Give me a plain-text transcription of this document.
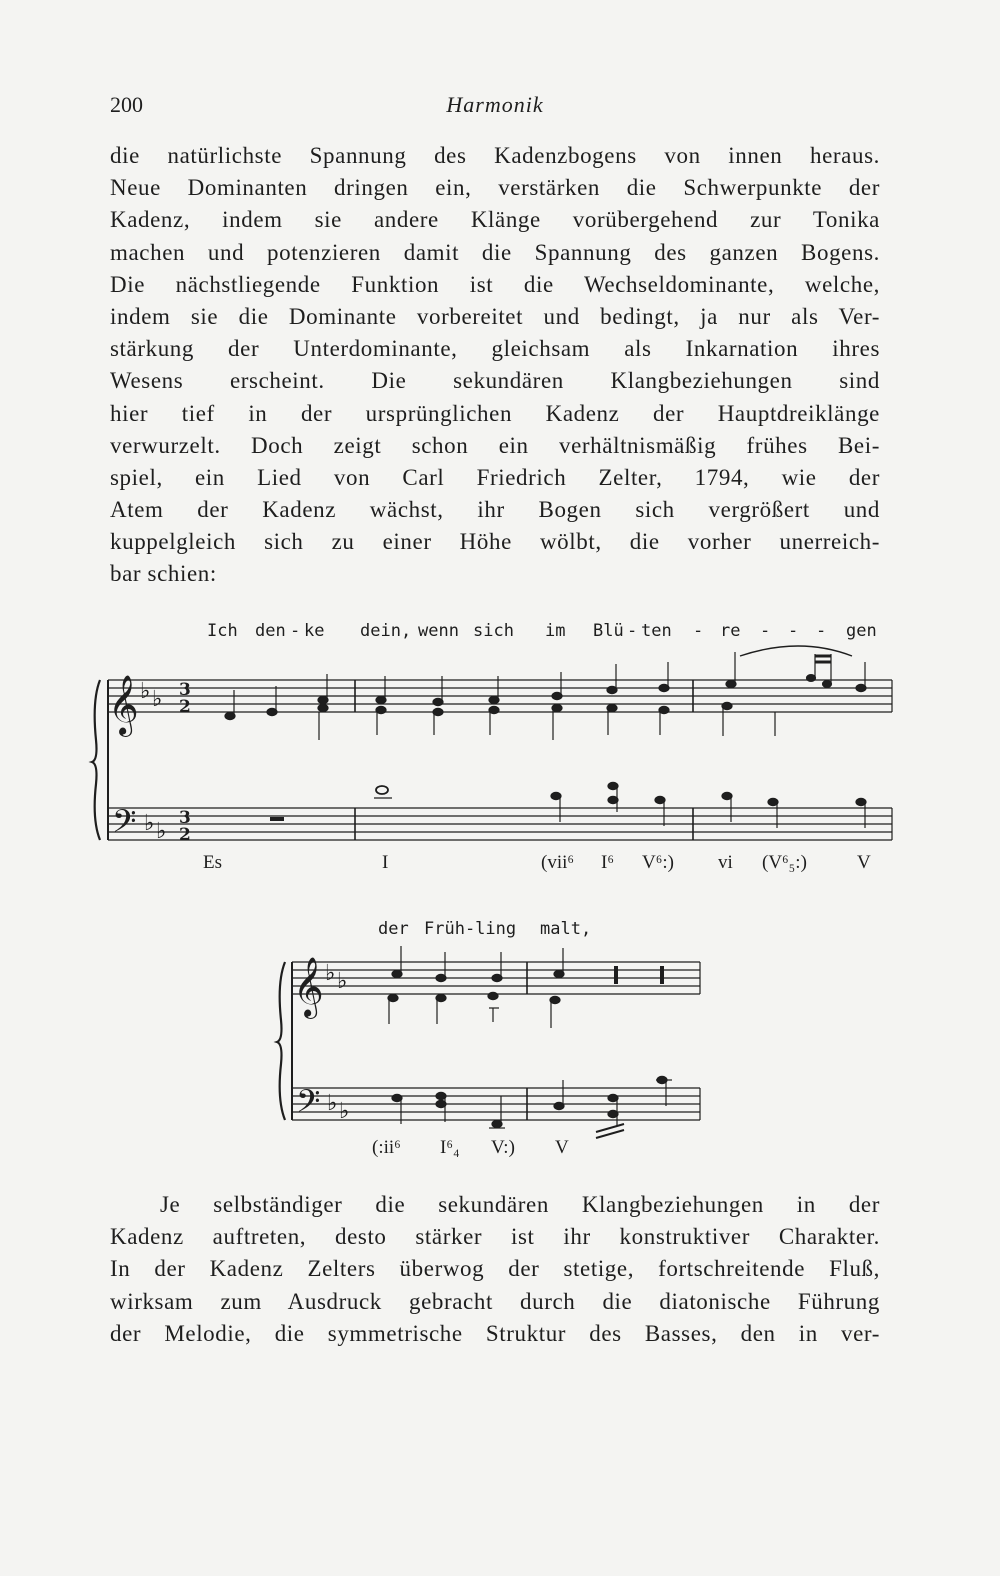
200	Harmonik
die natürlichste Spannung des Kadenzbogens von innen heraus.
Neue Dominanten dringen ein, verstärken die Schwerpunkte der
Kadenz, indem sie andere Klänge vorübergehend zur Tonika
machen und potenzieren damit die Spannung des ganzen Bogens.
Die nächstliegende Funktion ist die Wechseldominante, welche,
indem sie die Dominante vorbereitet und bedingt, ja nur als Ver-
stärkung der Unterdominante, gleichsam als Inkarnation ihres
Wesens erscheint. Die sekundären Klangbeziehungen sind
hier tief in der ursprünglichen Kadenz der Hauptdreiklänge
verwurzelt. Doch zeigt schon ein verhältnismäßig frühes Bei-
spiel, ein Lied von Carl Friedrich Zelter, 1794, wie der
Atem der Kadenz wächst, ihr Bogen sich vergrößert und
kuppelgleich sich zu einer Höhe wölbt, die vorher unerreich-
bar schien:
Ich den - ke dein, wenn sich im Blü - ten - re - - - gen
𝄞
𝄢
♭ ♭
♭ ♭
3
2
3
2
Es	I	(vii⁶ I⁶ V⁶:) vi (V⁶₅:)	V
der Früh-ling malt,
𝄞
𝄢
♭ ♭
♭ ♭
(:ii⁶ I⁶₄ V:) V
Je selbständiger die sekundären Klangbeziehungen in der
Kadenz auftreten, desto stärker ist ihr konstruktiver Charakter.
In der Kadenz Zelters überwog der stetige, fortschreitende Fluß,
wirksam zum Ausdruck gebracht durch die diatonische Führung
der Melodie, die symmetrische Struktur des Basses, den in ver-
